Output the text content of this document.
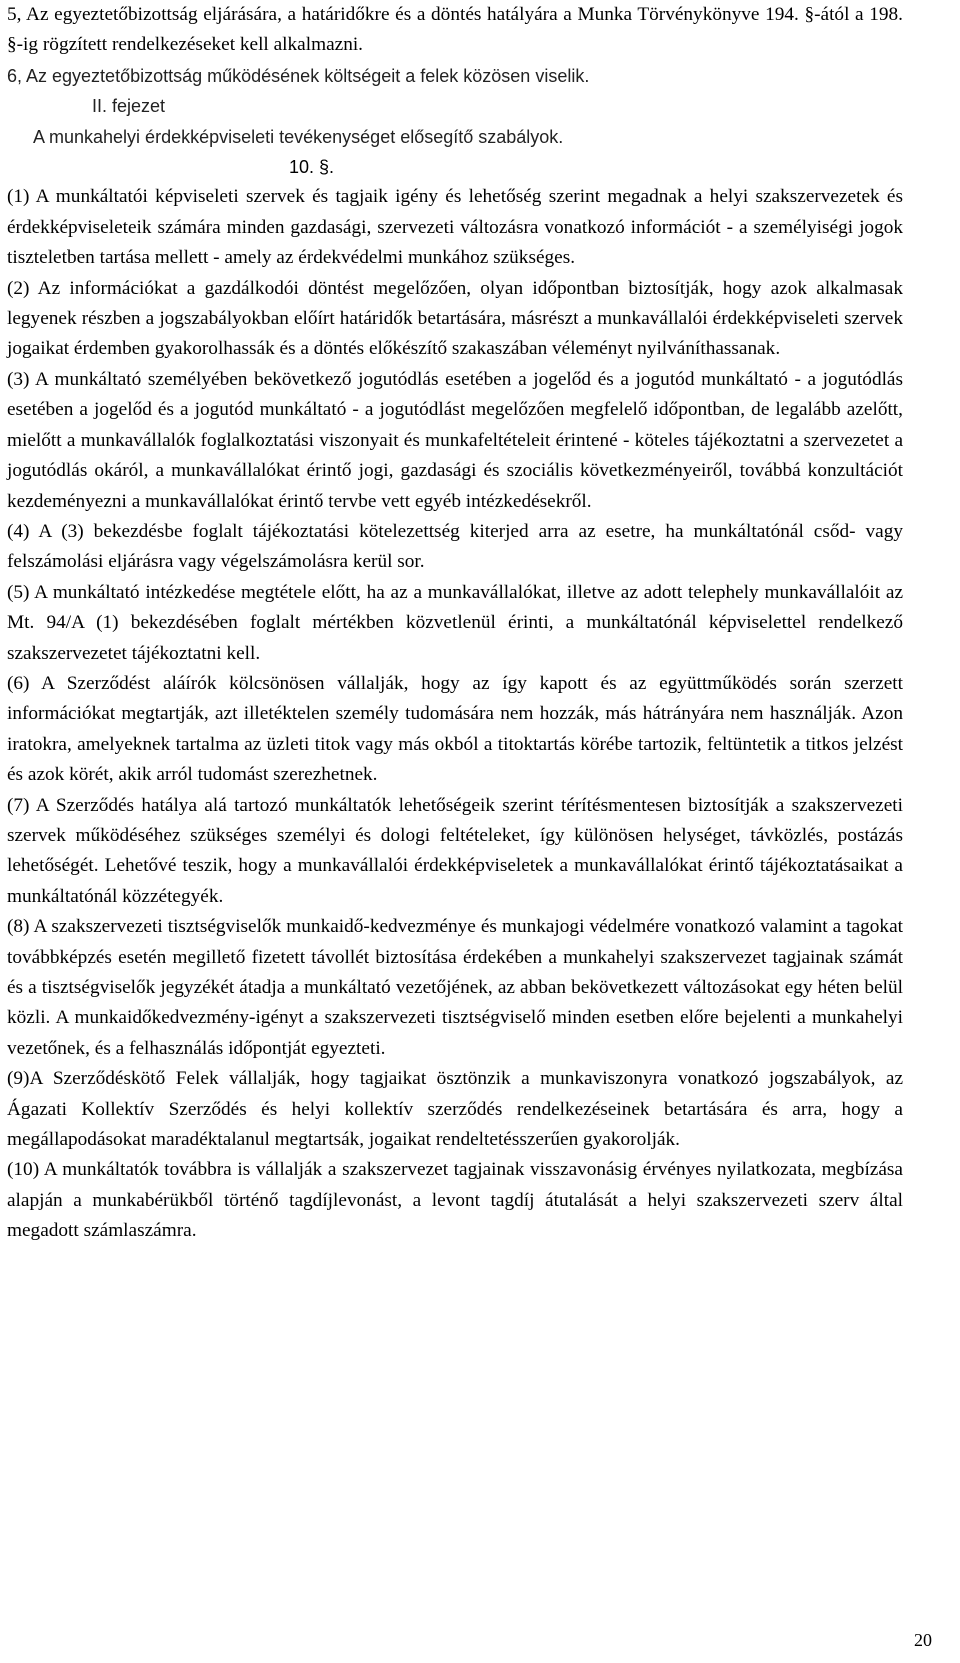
5, Az egyeztetőbizottság eljárására, a határidőkre és a döntés hatályára a Munka Törvénykönyve 194. §-ától a 198. §-ig rögzített rendelkezéseket kell alkalmazni.

6, Az egyeztetőbizottság működésének költségeit a felek közösen viselik.

II. fejezet

A munkahelyi érdekképviseleti tevékenységet elősegítő szabályok.

10. §.

(1) A munkáltatói képviseleti szervek és tagjaik igény és lehetőség szerint megadnak a helyi szakszervezetek és érdekképviseleteik számára minden gazdasági, szervezeti változásra vonatkozó információt - a személyiségi jogok tiszteletben tartása mellett - amely az érdekvédelmi munkához szükséges.

(2) Az információkat a gazdálkodói döntést megelőzően, olyan időpontban biztosítják, hogy azok alkalmasak legyenek részben a jogszabályokban előírt határidők betartására, másrészt a munkavállalói érdekképviseleti szervek jogaikat érdemben gyakorolhassák és a döntés előkészítő szakaszában véleményt nyilváníthassanak.

(3) A munkáltató személyében bekövetkező jogutódlás esetében a jogelőd és a jogutód munkáltató - a jogutódlás esetében a jogelőd és a jogutód munkáltató - a jogutódlást megelőzően megfelelő időpontban, de legalább azelőtt, mielőtt a munkavállalók foglalkoztatási viszonyait és munkafeltételeit érintené - köteles tájékoztatni a szervezetet a jogutódlás okáról, a munkavállalókat érintő jogi, gazdasági és szociális következményeiről, továbbá konzultációt kezdeményezni a munkavállalókat érintő tervbe vett egyéb intézkedésekről.

(4) A (3) bekezdésbe foglalt tájékoztatási kötelezettség kiterjed arra az esetre, ha munkáltatónál csőd- vagy felszámolási eljárásra vagy végelszámolásra kerül sor.

(5) A munkáltató intézkedése megtétele előtt, ha az a munkavállalókat, illetve az adott telephely munkavállalóit az Mt. 94/A (1) bekezdésében foglalt mértékben közvetlenül érinti, a munkáltatónál képviselettel rendelkező szakszervezetet tájékoztatni kell.

(6) A Szerződést aláírók kölcsönösen vállalják, hogy az így kapott és az együttműködés során szerzett információkat megtartják, azt illetéktelen személy tudomására nem hozzák, más hátrányára nem használják. Azon iratokra, amelyeknek tartalma az üzleti titok vagy más okból a titoktartás körébe tartozik, feltüntetik a titkos jelzést és azok körét, akik arról tudomást szerezhetnek.

(7) A Szerződés hatálya alá tartozó munkáltatók lehetőségeik szerint térítésmentesen biztosítják a szakszervezeti szervek működéséhez szükséges személyi és dologi feltételeket, így különösen helységet, távközlés, postázás lehetőségét. Lehetővé teszik, hogy a munkavállalói érdekképviseletek a munkavállalókat érintő tájékoztatásaikat a munkáltatónál közzétegyék.

(8) A szakszervezeti tisztségviselők munkaidő-kedvezménye és munkajogi védelmére vonatkozó valamint a tagokat továbbképzés esetén megillető fizetett távollét biztosítása érdekében a munkahelyi szakszervezet tagjainak számát és a tisztségviselők jegyzékét átadja a munkáltató vezetőjének, az abban bekövetkezett változásokat egy héten belül közli. A munkaidőkedvezmény-igényt a szakszervezeti tisztségviselő minden esetben előre bejelenti a munkahelyi vezetőnek, és a felhasználás időpontját egyezteti.

(9)A Szerződéskötő Felek vállalják, hogy tagjaikat ösztönzik a munkaviszonyra vonatkozó jogszabályok, az Ágazati Kollektív Szerződés és helyi kollektív szerződés rendelkezéseinek betartására és arra, hogy a megállapodásokat maradéktalanul megtartsák, jogaikat rendeltetésszerűen gyakorolják.

(10) A munkáltatók továbbra is vállalják a szakszervezet tagjainak visszavonásig érvényes nyilatkozata, megbízása alapján a munkabérükből történő tagdíjlevonást, a levont tagdíj átutalását a helyi szakszervezeti szerv által megadott számlaszámra.

20
